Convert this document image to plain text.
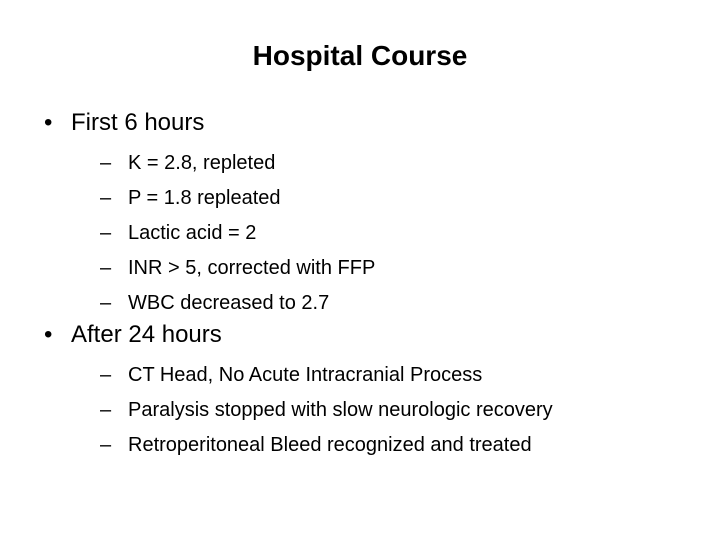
Hospital Course
• First 6 hours
– K = 2.8, repleted
– P = 1.8 repleated
– Lactic acid = 2
– INR > 5, corrected with FFP
– WBC decreased to 2.7
• After 24 hours
– CT Head, No Acute Intracranial Process
– Paralysis stopped with slow neurologic recovery
– Retroperitoneal Bleed recognized and treated
